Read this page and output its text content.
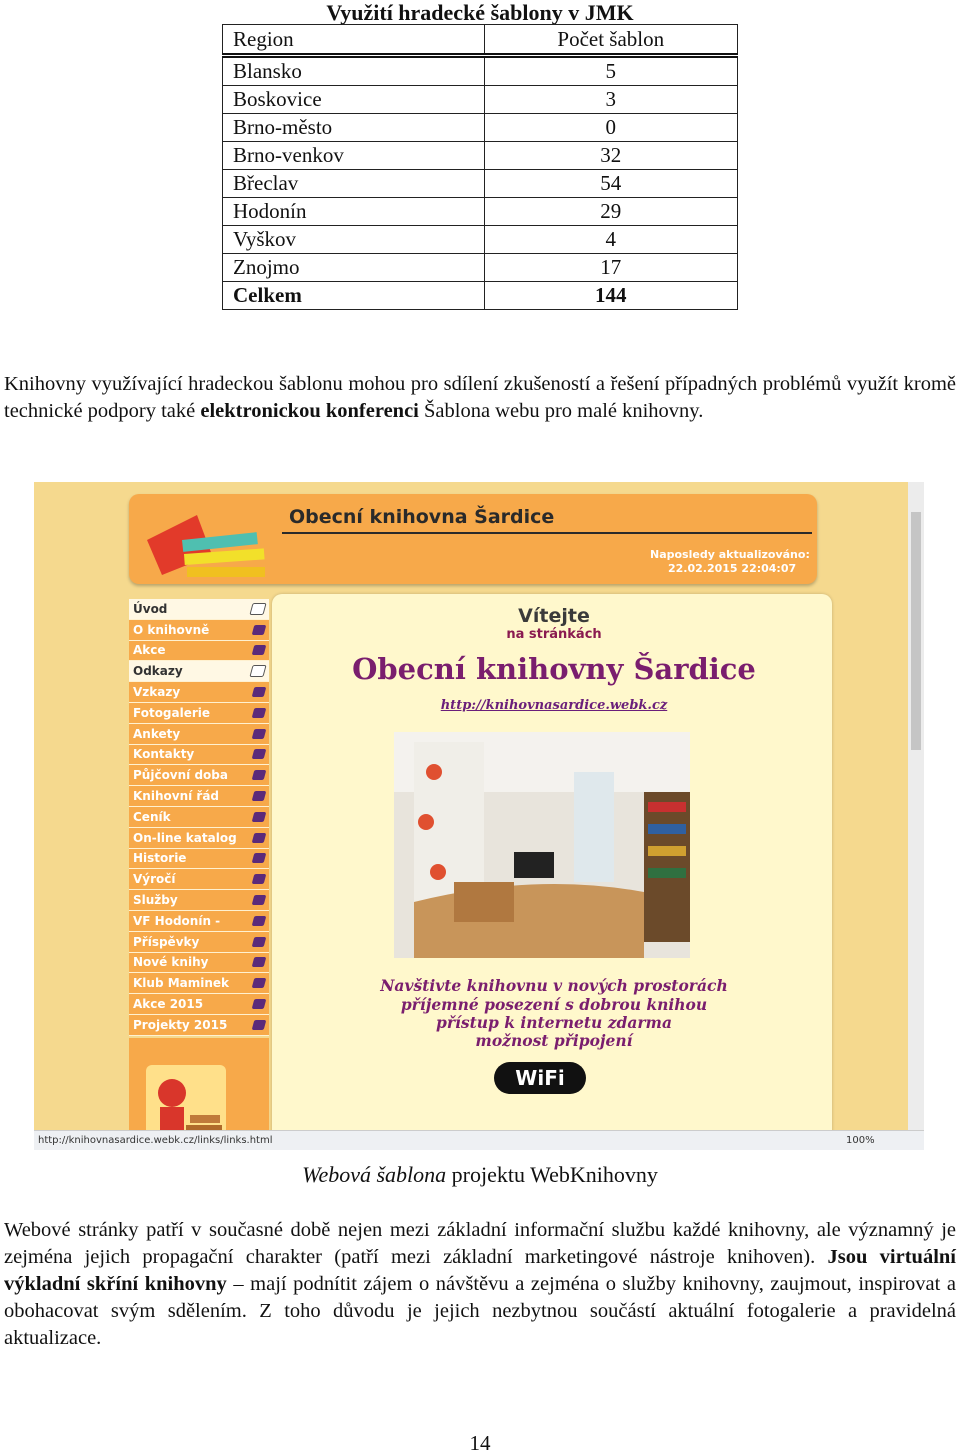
Využití hradecké šablony v JMK
Region	Počet šablon
Blansko	5
Boskovice	3
Brno-město	0
Brno-venkov	32
Břeclav	54
Hodonín	29
Vyškov	4
Znojmo	17
Celkem	144
Knihovny využívající hradeckou šablonu mohou pro sdílení zkušeností a řešení případných problémů využít kromě technické podpory také elektronickou konferenci Šablona webu pro malé knihovny.
Obecní knihovna Šardice
Naposledy aktualizováno:
22.02.2015 22:04:07
Úvod
O knihovně
Akce
Odkazy
Vzkazy
Fotogalerie
Ankety
Kontakty
Půjčovní doba
Knihovní řád
Ceník
On-line katalog
Historie
Výročí
Služby
VF Hodonín -
Příspěvky
Nové knihy
Klub Maminek
Akce 2015
Projekty 2015
Vítejte
na stránkách
Obecní knihovny Šardice
http://knihovnasardice.webk.cz
Navštivte knihovnu v nových prostorách
příjemné posezení s dobrou knihou
přístup k internetu zdarma
možnost připojení
WiFi
http://knihovnasardice.webk.cz/links/links.html	100%
Webová šablona projektu WebKnihovny
Webové stránky patří v současné době nejen mezi základní informační službu každé knihovny, ale významný je zejména jejich propagační charakter (patří mezi základní marketingové nástroje knihoven). Jsou virtuální výkladní skříní knihovny – mají podnítit zájem o návštěvu a zejména o služby knihovny, zaujmout, inspirovat a obohacovat svým sdělením. Z toho důvodu je jejich nezbytnou součástí aktuální fotogalerie a pravidelná aktualizace.
14
